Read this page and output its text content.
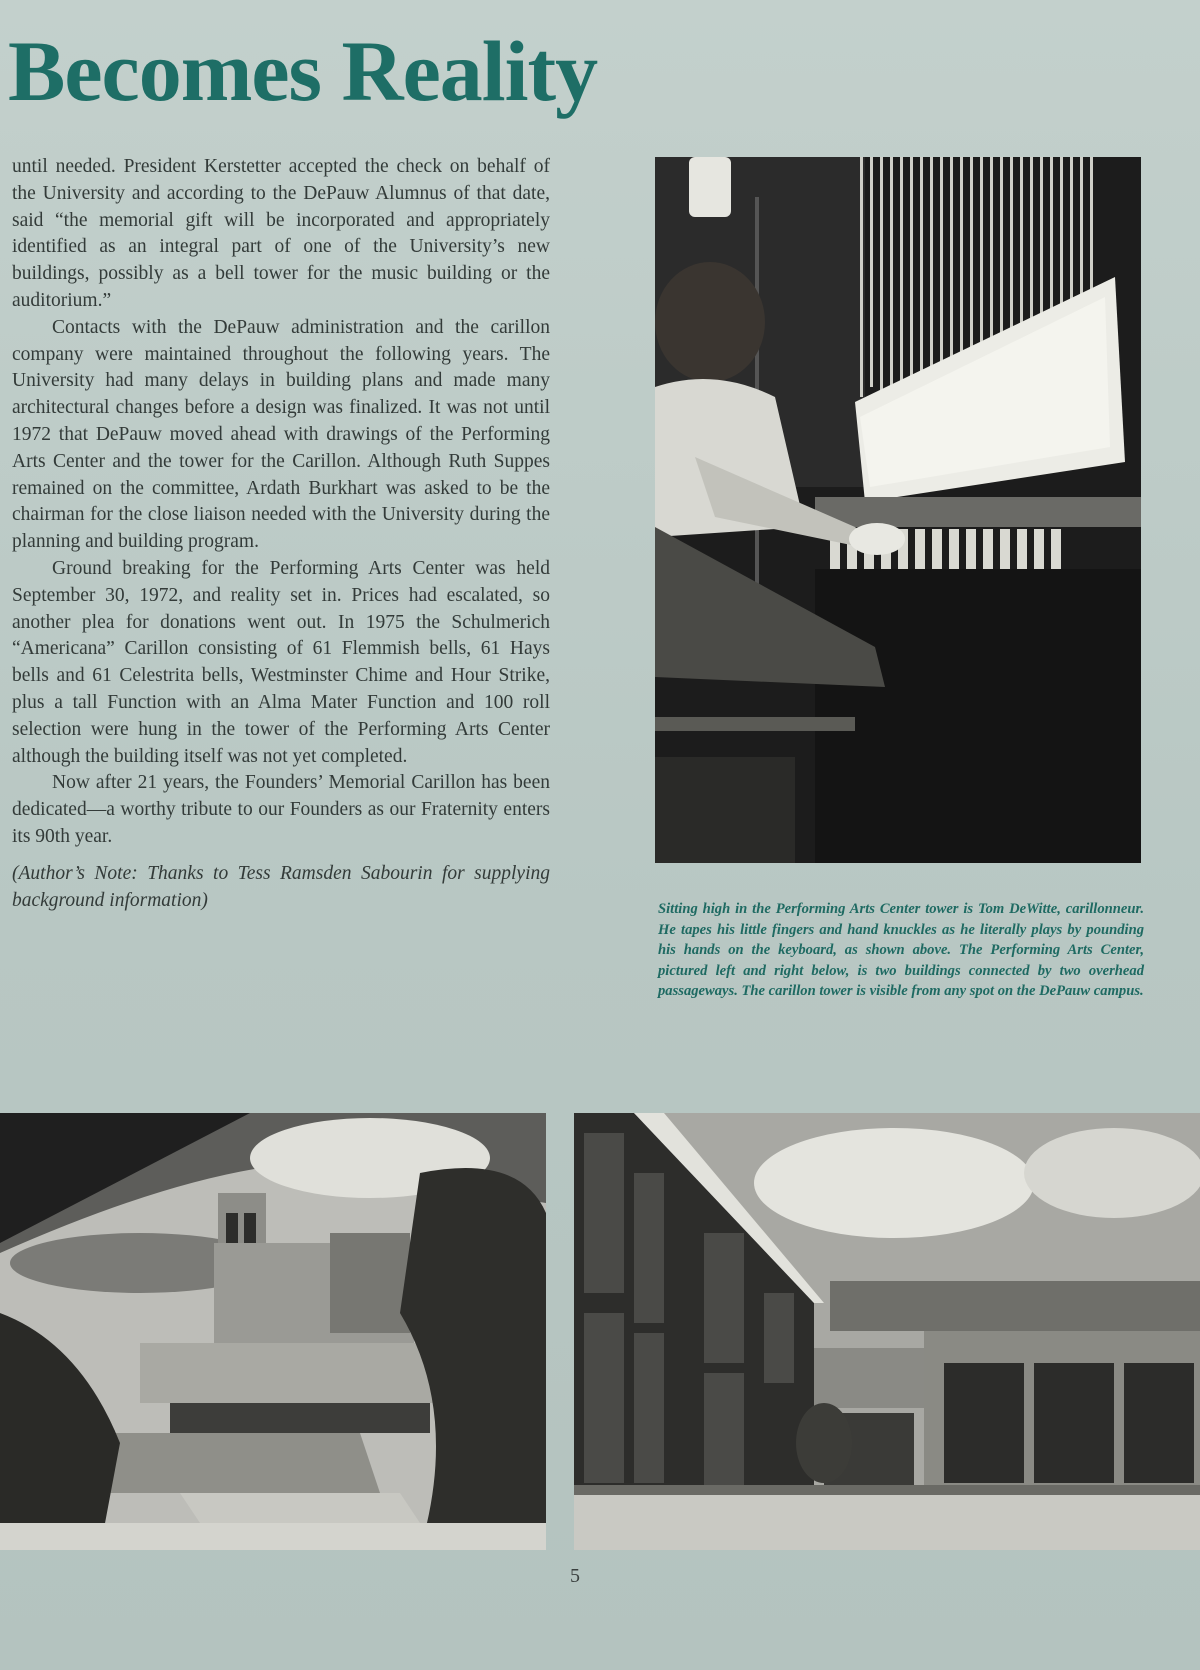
Becomes Reality

until needed. President Kerstetter accepted the check on behalf of the University and according to the DePauw Alumnus of that date, said “the memorial gift will be incorporated and appropriately identified as an integral part of one of the University’s new buildings, possibly as a bell tower for the music building or the auditorium.”

Contacts with the DePauw administration and the carillon company were maintained throughout the following years. The University had many delays in building plans and made many architectural changes before a design was finalized. It was not until 1972 that DePauw moved ahead with drawings of the Performing Arts Center and the tower for the Carillon. Although Ruth Suppes remained on the committee, Ardath Burkhart was asked to be the chairman for the close liaison needed with the University during the planning and building program.

Ground breaking for the Performing Arts Center was held September 30, 1972, and reality set in. Prices had escalated, so another plea for donations went out. In 1975 the Schulmerich “Americana” Carillon consisting of 61 Flemmish bells, 61 Hays bells and 61 Celestrita bells, Westminster Chime and Hour Strike, plus a tall Function with an Alma Mater Function and 100 roll selection were hung in the tower of the Performing Arts Center although the building itself was not yet completed.

Now after 21 years, the Founders’ Memorial Carillon has been dedicated—a worthy tribute to our Founders as our Fraternity enters its 90th year.

(Author’s Note: Thanks to Tess Ramsden Sabourin for supplying background information)	Sitting high in the Performing Arts Center tower is Tom DeWitte, carillonneur. He tapes his little fingers and hand knuckles as he literally plays by pounding his hands on the keyboard, as shown above. The Performing Arts Center, pictured left and right below, is two buildings connected by two overhead passageways. The carillon tower is visible from any spot on the DePauw campus.
5
